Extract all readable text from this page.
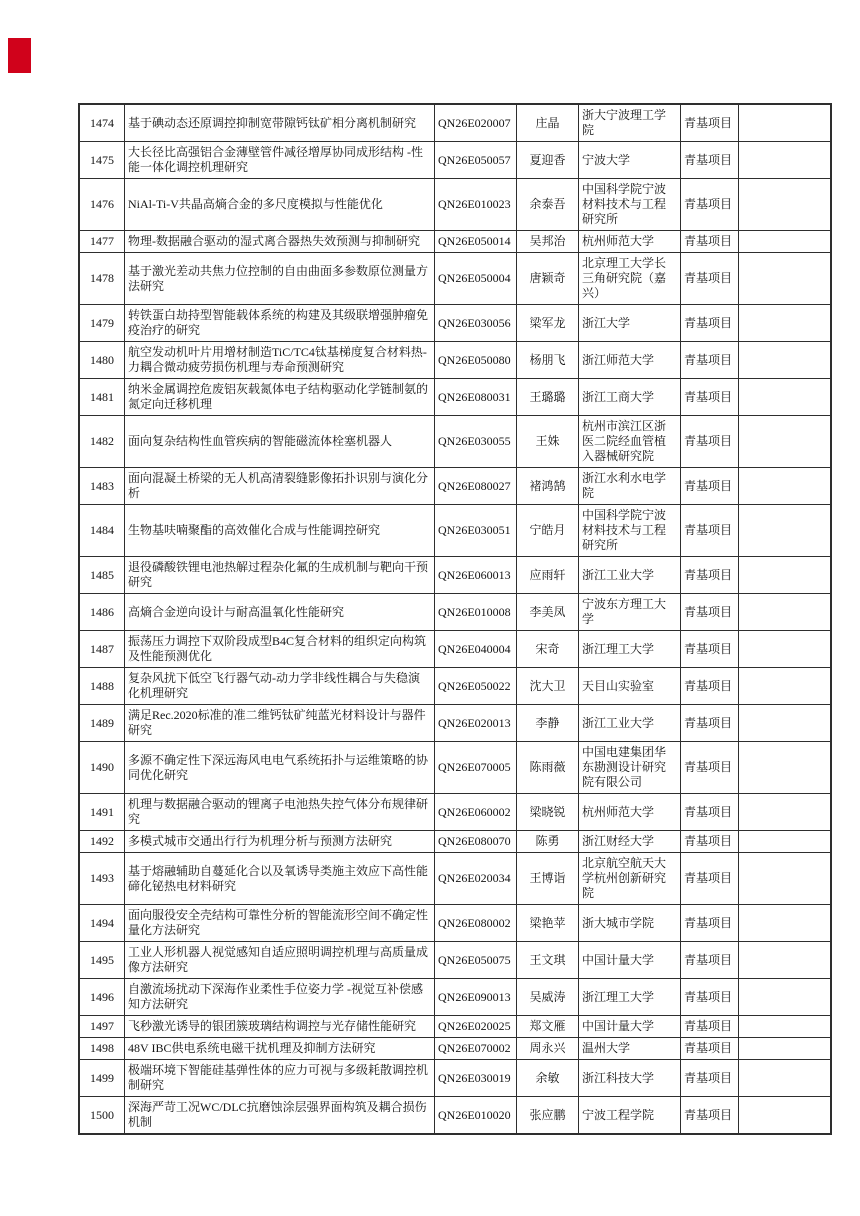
1474	基于碘动态还原调控抑制宽带隙钙钛矿相分离机制研究	QN26E020007	庄晶	浙大宁波理工学院	青基项目	
1475	大长径比高强铝合金薄壁管件减径增厚协同成形结构 -性能一体化调控机理研究	QN26E050057	夏迎香	宁波大学	青基项目	
1476	NiAl-Ti-V共晶高熵合金的多尺度模拟与性能优化	QN26E010023	余泰吾	中国科学院宁波材料技术与工程研究所	青基项目	
1477	物理-数据融合驱动的湿式离合器热失效预测与抑制研究	QN26E050014	吴邦治	杭州师范大学	青基项目	
1478	基于激光差动共焦力位控制的自由曲面多参数原位测量方法研究	QN26E050004	唐颖奇	北京理工大学长三角研究院（嘉兴）	青基项目	
1479	转铁蛋白劫持型智能载体系统的构建及其级联增强肿瘤免疫治疗的研究	QN26E030056	梁军龙	浙江大学	青基项目	
1480	航空发动机叶片用增材制造TiC/TC4钛基梯度复合材料热-力耦合微动疲劳损伤机理与寿命预测研究	QN26E050080	杨朋飞	浙江师范大学	青基项目	
1481	纳米金属调控危废铝灰载氮体电子结构驱动化学链制氨的氮定向迁移机理	QN26E080031	王璐璐	浙江工商大学	青基项目	
1482	面向复杂结构性血管疾病的智能磁流体栓塞机器人	QN26E030055	王姝	杭州市滨江区浙医二院经血管植入器械研究院	青基项目	
1483	面向混凝土桥梁的无人机高清裂缝影像拓扑识别与演化分析	QN26E080027	褚鸿鹄	浙江水利水电学院	青基项目	
1484	生物基呋喃聚酯的高效催化合成与性能调控研究	QN26E030051	宁皓月	中国科学院宁波材料技术与工程研究所	青基项目	
1485	退役磷酸铁锂电池热解过程杂化氟的生成机制与靶向干预研究	QN26E060013	应雨轩	浙江工业大学	青基项目	
1486	高熵合金逆向设计与耐高温氧化性能研究	QN26E010008	李美凤	宁波东方理工大学	青基项目	
1487	振荡压力调控下双阶段成型B4C复合材料的组织定向构筑及性能预测优化	QN26E040004	宋奇	浙江理工大学	青基项目	
1488	复杂风扰下低空飞行器气动-动力学非线性耦合与失稳演化机理研究	QN26E050022	沈大卫	天目山实验室	青基项目	
1489	满足Rec.2020标准的准二维钙钛矿纯蓝光材料设计与器件研究	QN26E020013	李静	浙江工业大学	青基项目	
1490	多源不确定性下深远海风电电气系统拓扑与运维策略的协同优化研究	QN26E070005	陈雨薇	中国电建集团华东勘测设计研究院有限公司	青基项目	
1491	机理与数据融合驱动的锂离子电池热失控气体分布规律研究	QN26E060002	梁晓锐	杭州师范大学	青基项目	
1492	多模式城市交通出行行为机理分析与预测方法研究	QN26E080070	陈勇	浙江财经大学	青基项目	
1493	基于熔融辅助自蔓延化合以及氧诱导类施主效应下高性能碲化铋热电材料研究	QN26E020034	王博诣	北京航空航天大学杭州创新研究院	青基项目	
1494	面向服役安全壳结构可靠性分析的智能流形空间不确定性量化方法研究	QN26E080002	梁艳苹	浙大城市学院	青基项目	
1495	工业人形机器人视觉感知自适应照明调控机理与高质量成像方法研究	QN26E050075	王文琪	中国计量大学	青基项目	
1496	自激流场扰动下深海作业柔性手位姿力学 -视觉互补偿感知方法研究	QN26E090013	吴威涛	浙江理工大学	青基项目	
1497	飞秒激光诱导的银团簇玻璃结构调控与光存储性能研究	QN26E020025	郑文雁	中国计量大学	青基项目	
1498	48V IBC供电系统电磁干扰机理及抑制方法研究	QN26E070002	周永兴	温州大学	青基项目	
1499	极端环境下智能硅基弹性体的应力可视与多级耗散调控机制研究	QN26E030019	余敏	浙江科技大学	青基项目	
1500	深海严苛工况WC/DLC抗磨蚀涂层强界面构筑及耦合损伤机制	QN26E010020	张应鹏	宁波工程学院	青基项目	
